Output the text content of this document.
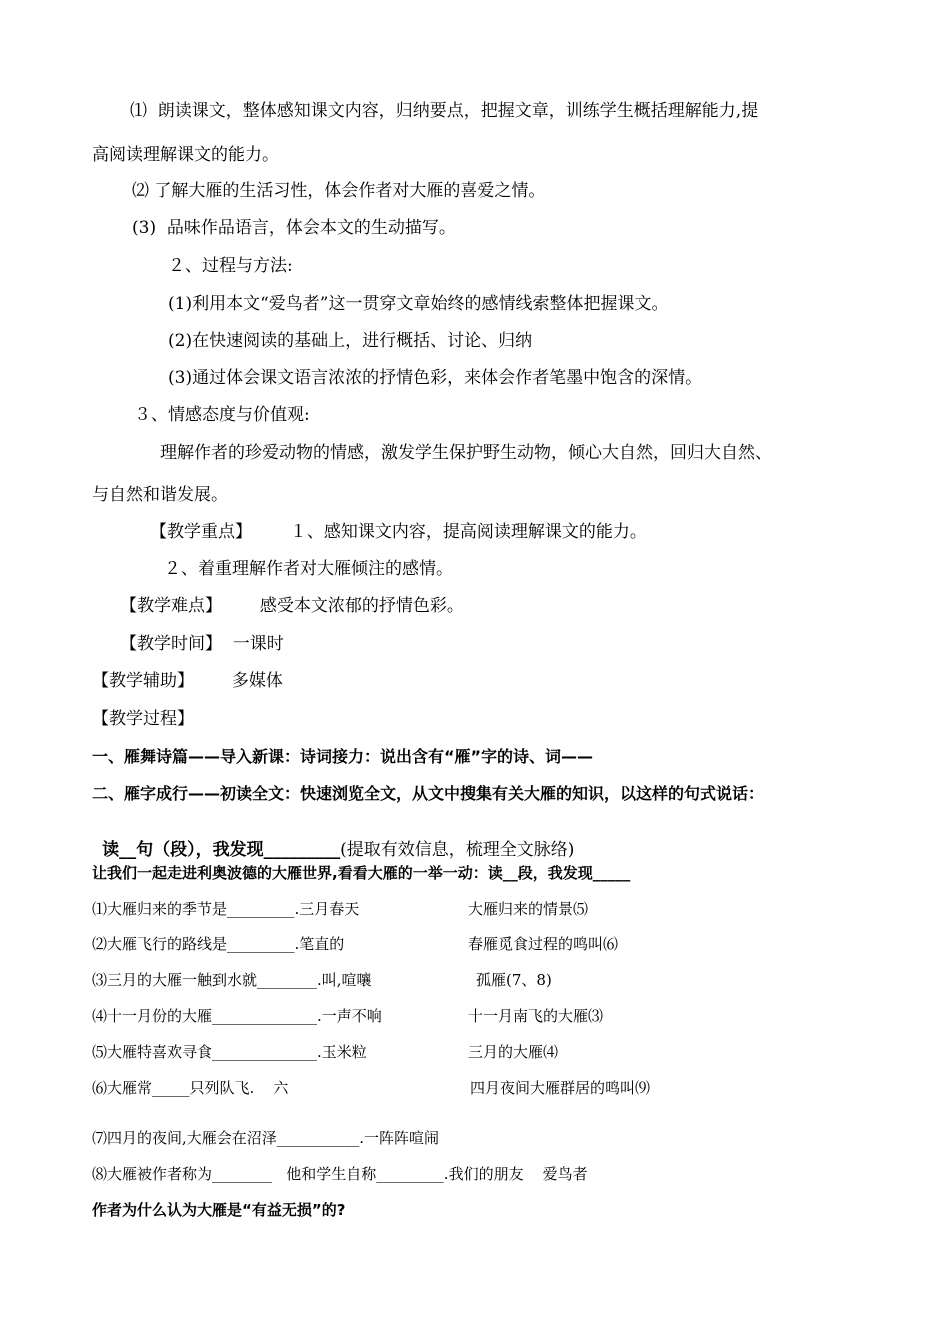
⑴  朗读课文，整体感知课文内容，归纳要点，把握文章，训练学生概括理解能力,提
高阅读理解课文的能力。
⑵ 了解大雁的生活习性，体会作者对大雁的喜爱之情。
(3)  品味作品语言，体会本文的生动描写。
２、过程与方法:
(1)利用本文“爱鸟者”这一贯穿文章始终的感情线索整体把握课文。
(2)在快速阅读的基础上，进行概括、讨论、归纳
(3)通过体会课文语言浓浓的抒情色彩，来体会作者笔墨中饱含的深情。
３、情感态度与价值观:
理解作者的珍爱动物的情感，激发学生保护野生动物，倾心大自然，回归大自然、
与自然和谐发展。
【教学重点】       １、感知课文内容，提高阅读理解课文的能力。
２、着重理解作者对大雁倾注的感情。
【教学难点】       感受本文浓郁的抒情色彩。
【教学时间】  一课时
【教学辅助】       多媒体
【教学过程】
一、雁舞诗篇——导入新课：诗词接力：说出含有“雁”字的诗、词——
二、雁字成行——初读全文：快速浏览全文，从文中搜集有关大雁的知识，以这样的句式说话：

读__句（段），我发现_________(提取有效信息，梳理全文脉络)

让我们一起走进利奥波德的大雁世界,看看大雁的一举一动：读__段，我发现_____
⑴大雁归来的季节是_________.三月春天	大雁归来的情景⑸
⑵大雁飞行的路线是_________.笔直的	春雁觅食过程的鸣叫⑹
⑶三月的大雁一触到水就________.叫,喧嚷	孤雁(7、8)
⑷十一月份的大雁______________.一声不响	十一月南飞的大雁⑶
⑸大雁特喜欢寻食______________.玉米粒	三月的大雁⑷
⑹大雁常_____只列队飞.    六	四月夜间大雁群居的鸣叫⑼
⑺四月的夜间,大雁会在沼泽___________.一阵阵喧闹
⑻大雁被作者称为________   他和学生自称_________.我们的朋友    爱鸟者
作者为什么认为大雁是“有益无损”的?
